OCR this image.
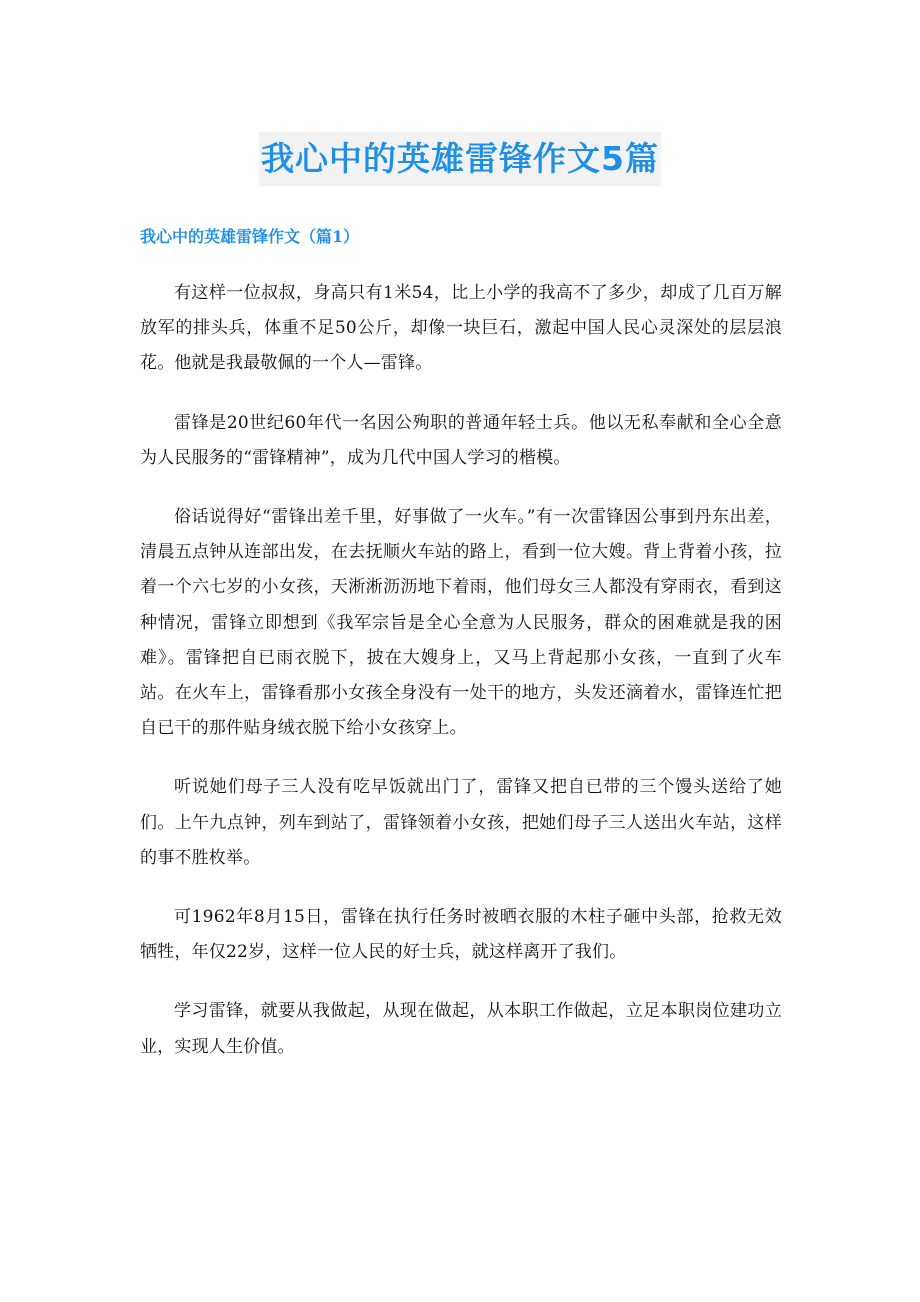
我心中的英雄雷锋作文5篇
我心中的英雄雷锋作文（篇1）

有这样一位叔叔，身高只有1米54，比上小学的我高不了多少，却成了几百万解放军的排头兵，体重不足50公斤，却像一块巨石，激起中国人民心灵深处的层层浪花。他就是我最敬佩的一个人—雷锋。

雷锋是20世纪60年代一名因公殉职的普通年轻士兵。他以无私奉献和全心全意为人民服务的“雷锋精神”，成为几代中国人学习的楷模。

俗话说得好“雷锋出差千里，好事做了一火车。”有一次雷锋因公事到丹东出差，清晨五点钟从连部出发，在去抚顺火车站的路上，看到一位大嫂。背上背着小孩，拉着一个六七岁的小女孩，天淅淅沥沥地下着雨，他们母女三人都没有穿雨衣，看到这种情况，雷锋立即想到《我军宗旨是全心全意为人民服务，群众的困难就是我的困难》。雷锋把自已雨衣脱下，披在大嫂身上，又马上背起那小女孩，一直到了火车站。在火车上，雷锋看那小女孩全身没有一处干的地方，头发还滴着水，雷锋连忙把自已干的那件贴身绒衣脱下给小女孩穿上。

听说她们母子三人没有吃早饭就出门了，雷锋又把自已带的三个馒头送给了她们。上午九点钟，列车到站了，雷锋领着小女孩，把她们母子三人送出火车站，这样的事不胜枚举。

可1962年8月15日，雷锋在执行任务时被晒衣服的木柱子砸中头部，抢救无效牺牲，年仅22岁，这样一位人民的好士兵，就这样离开了我们。

学习雷锋，就要从我做起，从现在做起，从本职工作做起，立足本职岗位建功立业，实现人生价值。
